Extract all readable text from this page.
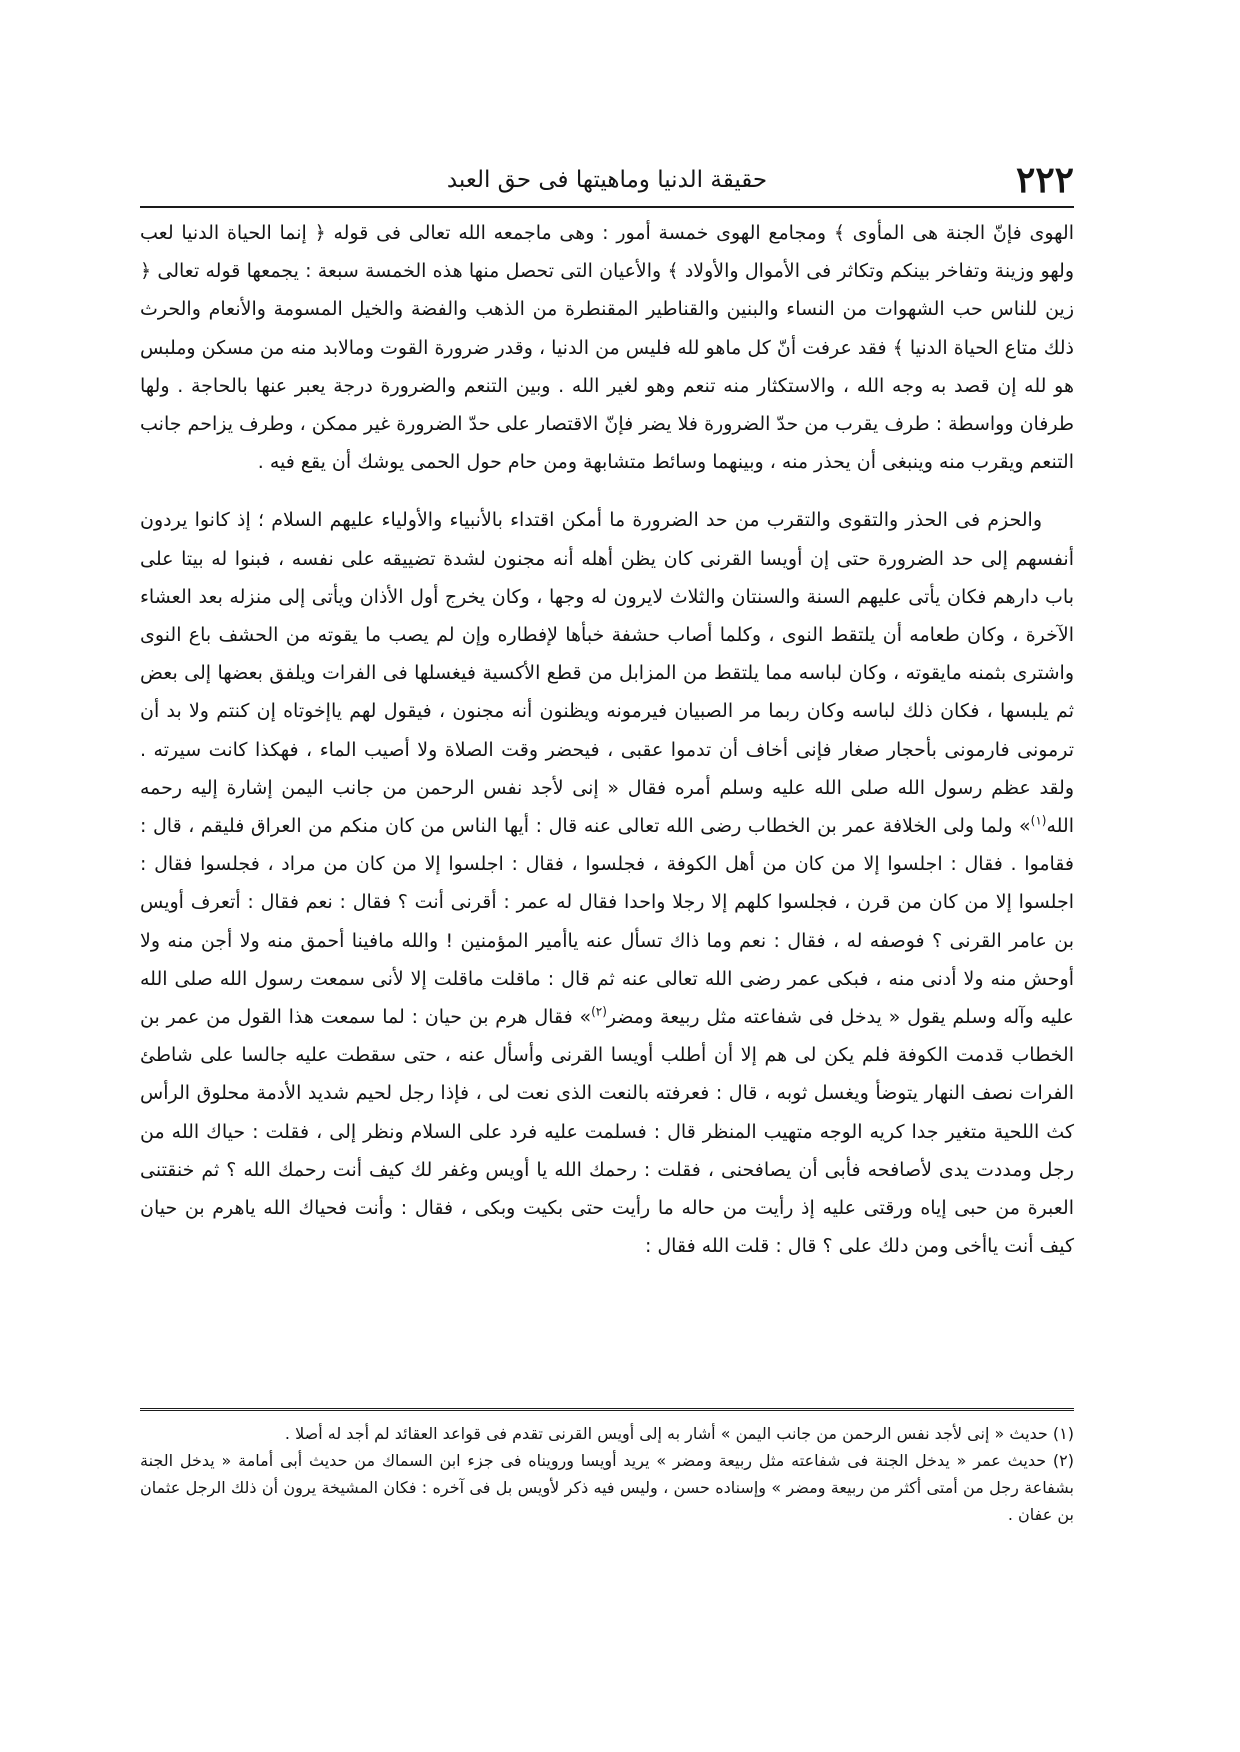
٢٢٢
حقيقة الدنيا وماهيتها فى حق العبد

الهوى فإنّ الجنة هى المأوى ﴾ ومجامع الهوى خمسة أمور : وهى ماجمعه الله تعالى فى قوله ﴿ إنما الحياة الدنيا لعب ولهو وزينة وتفاخر بينكم وتكاثر فى الأموال والأولاد ﴾ والأعيان التى تحصل منها هذه الخمسة سبعة : يجمعها قوله تعالى ﴿ زين للناس حب الشهوات من النساء والبنين والقناطير المقنطرة من الذهب والفضة والخيل المسومة والأنعام والحرث ذلك متاع الحياة الدنيا ﴾ فقد عرفت أنّ كل ماهو لله فليس من الدنيا ، وقدر ضرورة القوت ومالابد منه من مسكن وملبس هو لله إن قصد به وجه الله ، والاستكثار منه تنعم وهو لغير الله . وبين التنعم والضرورة درجة يعبر عنها بالحاجة . ولها طرفان وواسطة : طرف يقرب من حدّ الضرورة فلا يضر فإنّ الاقتصار على حدّ الضرورة غير ممكن ، وطرف يزاحم جانب التنعم ويقرب منه وينبغى أن يحذر منه ، وبينهما وسائط متشابهة ومن حام حول الحمى يوشك أن يقع فيه .

والحزم فى الحذر والتقوى والتقرب من حد الضرورة ما أمكن اقتداء بالأنبياء والأولياء عليهم السلام ؛ إذ كانوا يردون أنفسهم إلى حد الضرورة حتى إن أويسا القرنى كان يظن أهله أنه مجنون لشدة تضييقه على نفسه ، فبنوا له بيتا على باب دارهم فكان يأتى عليهم السنة والسنتان والثلاث لايرون له وجها ، وكان يخرج أول الأذان ويأتى إلى منزله بعد العشاء الآخرة ، وكان طعامه أن يلتقط النوى ، وكلما أصاب حشفة خبأها لإفطاره وإن لم يصب ما يقوته من الحشف باع النوى واشترى بثمنه مايقوته ، وكان لباسه مما يلتقط من المزابل من قطع الأكسية فيغسلها فى الفرات ويلفق بعضها إلى بعض ثم يلبسها ، فكان ذلك لباسه وكان ربما مر الصبيان فيرمونه ويظنون أنه مجنون ، فيقول لهم ياإخوتاه إن كنتم ولا بد أن ترمونى فارمونى بأحجار صغار فإنى أخاف أن تدموا عقبى ، فيحضر وقت الصلاة ولا أصيب الماء ، فهكذا كانت سيرته . ولقد عظم رسول الله صلى الله عليه وسلم أمره فقال « إنى لأجد نفس الرحمن من جانب اليمن إشارة إليه رحمه الله$^{(١)}$» ولما ولى الخلافة عمر بن الخطاب رضى الله تعالى عنه قال : أيها الناس من كان منكم من العراق فليقم ، قال : فقاموا . فقال : اجلسوا إلا من كان من أهل الكوفة ، فجلسوا ، فقال : اجلسوا إلا من كان من مراد ، فجلسوا فقال : اجلسوا إلا من كان من قرن ، فجلسوا كلهم إلا رجلا واحدا فقال له عمر : أقرنى أنت ؟ فقال : نعم فقال : أتعرف أويس بن عامر القرنى ؟ فوصفه له ، فقال : نعم وما ذاك تسأل عنه ياأمير المؤمنين ! والله مافينا أحمق منه ولا أجن منه ولا أوحش منه ولا أدنى منه ، فبكى عمر رضى الله تعالى عنه ثم قال : ماقلت ماقلت إلا لأنى سمعت رسول الله صلى الله عليه وآله وسلم يقول « يدخل فى شفاعته مثل ربيعة ومضر$^{(٢)}$» فقال هرم بن حيان : لما سمعت هذا القول من عمر بن الخطاب قدمت الكوفة فلم يكن لى هم إلا أن أطلب أويسا القرنى وأسأل عنه ، حتى سقطت عليه جالسا على شاطئ الفرات نصف النهار يتوضأ ويغسل ثوبه ، قال : فعرفته بالنعت الذى نعت لى ، فإذا رجل لحيم شديد الأدمة محلوق الرأس كث اللحية متغير جدا كريه الوجه متهيب المنظر قال : فسلمت عليه فرد على السلام ونظر إلى ، فقلت : حياك الله من رجل ومددت يدى لأصافحه فأبى أن يصافحنى ، فقلت : رحمك الله يا أويس وغفر لك كيف أنت رحمك الله ؟ ثم خنقتنى العبرة من حبى إياه ورقتى عليه إذ رأيت من حاله ما رأيت حتى بكيت وبكى ، فقال : وأنت فحياك الله ياهرم بن حيان كيف أنت ياأخى ومن دلك على ؟ قال : قلت الله فقال :

(١) حديث « إنى لأجد نفس الرحمن من جانب اليمن » أشار به إلى أويس القرنى تقدم فى قواعد العقائد لم أجد له أصلا .

(٢) حديث عمر « يدخل الجنة فى شفاعته مثل ربيعة ومضر » يريد أويسا ورويناه فى جزء ابن السماك من حديث أبى أمامة « يدخل الجنة بشفاعة رجل من أمتى أكثر من ربيعة ومضر » وإسناده حسن ، وليس فيه ذكر لأويس بل فى آخره : فكان المشيخة يرون أن ذلك الرجل عثمان بن عفان .
